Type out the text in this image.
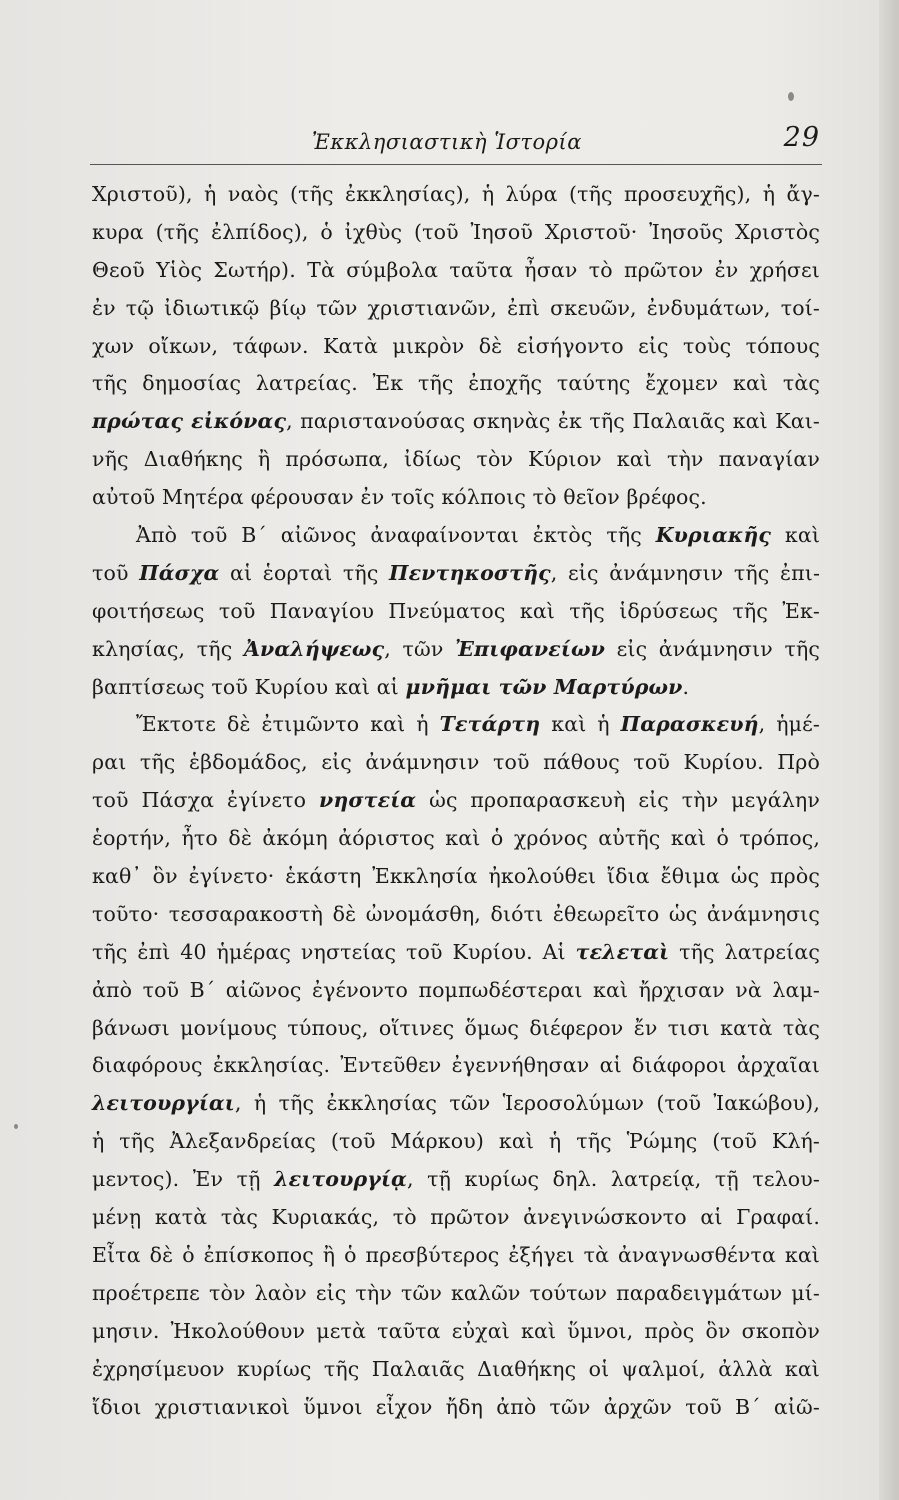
Ἐκκλησιαστικὴ Ἱστορία	29
Χριστοῦ), ἡ ναὸς (τῆς ἐκκλησίας), ἡ λύρα (τῆς προσευχῆς), ἡ ἄγ-
κυρα (τῆς ἐλπίδος), ὁ ἰχθὺς (τοῦ Ἰησοῦ Χριστοῦ· Ἰησοῦς Χριστὸς
Θεοῦ Υἱὸς Σωτήρ). Τὰ σύμβολα ταῦτα ἦσαν τὸ πρῶτον ἐν χρήσει
ἐν τῷ ἰδιωτικῷ βίῳ τῶν χριστιανῶν, ἐπὶ σκευῶν, ἐνδυμάτων, τοί-
χων οἴκων, τάφων. Κατὰ μικρὸν δὲ εἰσήγοντο εἰς τοὺς τόπους
τῆς δημοσίας λατρείας. Ἐκ τῆς ἐποχῆς ταύτης ἔχομεν καὶ τὰς
πρώτας εἰκόνας, παριστανούσας σκηνὰς ἐκ τῆς Παλαιᾶς καὶ Και-
νῆς Διαθήκης ἢ πρόσωπα, ἰδίως τὸν Κύριον καὶ τὴν παναγίαν
αὐτοῦ Μητέρα φέρουσαν ἐν τοῖς κόλποις τὸ θεῖον βρέφος.
Ἀπὸ τοῦ Β΄ αἰῶνος ἀναφαίνονται ἐκτὸς τῆς Κυριακῆς καὶ
τοῦ Πάσχα αἱ ἑορταὶ τῆς Πεντηκοστῆς, εἰς ἀνάμνησιν τῆς ἐπι-
φοιτήσεως τοῦ Παναγίου Πνεύματος καὶ τῆς ἱδρύσεως τῆς Ἐκ-
κλησίας, τῆς Ἀναλήψεως, τῶν Ἐπιφανείων εἰς ἀνάμνησιν τῆς
βαπτίσεως τοῦ Κυρίου καὶ αἱ μνῆμαι τῶν Μαρτύρων.
Ἔκτοτε δὲ ἐτιμῶντο καὶ ἡ Τετάρτη καὶ ἡ Παρασκευή, ἡμέ-
ραι τῆς ἑβδομάδος, εἰς ἀνάμνησιν τοῦ πάθους τοῦ Κυρίου. Πρὸ
τοῦ Πάσχα ἐγίνετο νηστεία ὡς προπαρασκευὴ εἰς τὴν μεγάλην
ἑορτήν, ἦτο δὲ ἀκόμη ἀόριστος καὶ ὁ χρόνος αὐτῆς καὶ ὁ τρόπος,
καθ᾽ ὃν ἐγίνετο· ἑκάστη Ἐκκλησία ἠκολούθει ἴδια ἔθιμα ὡς πρὸς
τοῦτο· τεσσαρακοστὴ δὲ ὠνομάσθη, διότι ἐθεωρεῖτο ὡς ἀνάμνησις
τῆς ἐπὶ 40 ἡμέρας νηστείας τοῦ Κυρίου. Αἱ τελεταὶ τῆς λατρείας
ἀπὸ τοῦ Β΄ αἰῶνος ἐγένοντο πομπωδέστεραι καὶ ἤρχισαν νὰ λαμ-
βάνωσι μονίμους τύπους, οἵτινες ὅμως διέφερον ἔν τισι κατὰ τὰς
διαφόρους ἐκκλησίας. Ἐντεῦθεν ἐγεννήθησαν αἱ διάφοροι ἀρχαῖαι
λειτουργίαι, ἡ τῆς ἐκκλησίας τῶν Ἱεροσολύμων (τοῦ Ἰακώβου),
ἡ τῆς Ἀλεξανδρείας (τοῦ Μάρκου) καὶ ἡ τῆς Ῥώμης (τοῦ Κλή-
μεντος). Ἐν τῇ λειτουργίᾳ, τῇ κυρίως δηλ. λατρείᾳ, τῇ τελου-
μένῃ κατὰ τὰς Κυριακάς, τὸ πρῶτον ἀνεγινώσκοντο αἱ Γραφαί.
Εἶτα δὲ ὁ ἐπίσκοπος ἢ ὁ πρεσβύτερος ἐξήγει τὰ ἀναγνωσθέντα καὶ
προέτρεπε τὸν λαὸν εἰς τὴν τῶν καλῶν τούτων παραδειγμάτων μί-
μησιν. Ἠκολούθουν μετὰ ταῦτα εὐχαὶ καὶ ὕμνοι, πρὸς ὃν σκοπὸν
ἐχρησίμευον κυρίως τῆς Παλαιᾶς Διαθήκης οἱ ψαλμοί, ἀλλὰ καὶ
ἴδιοι χριστιανικοὶ ὕμνοι εἶχον ἤδη ἀπὸ τῶν ἀρχῶν τοῦ Β΄ αἰῶ-
